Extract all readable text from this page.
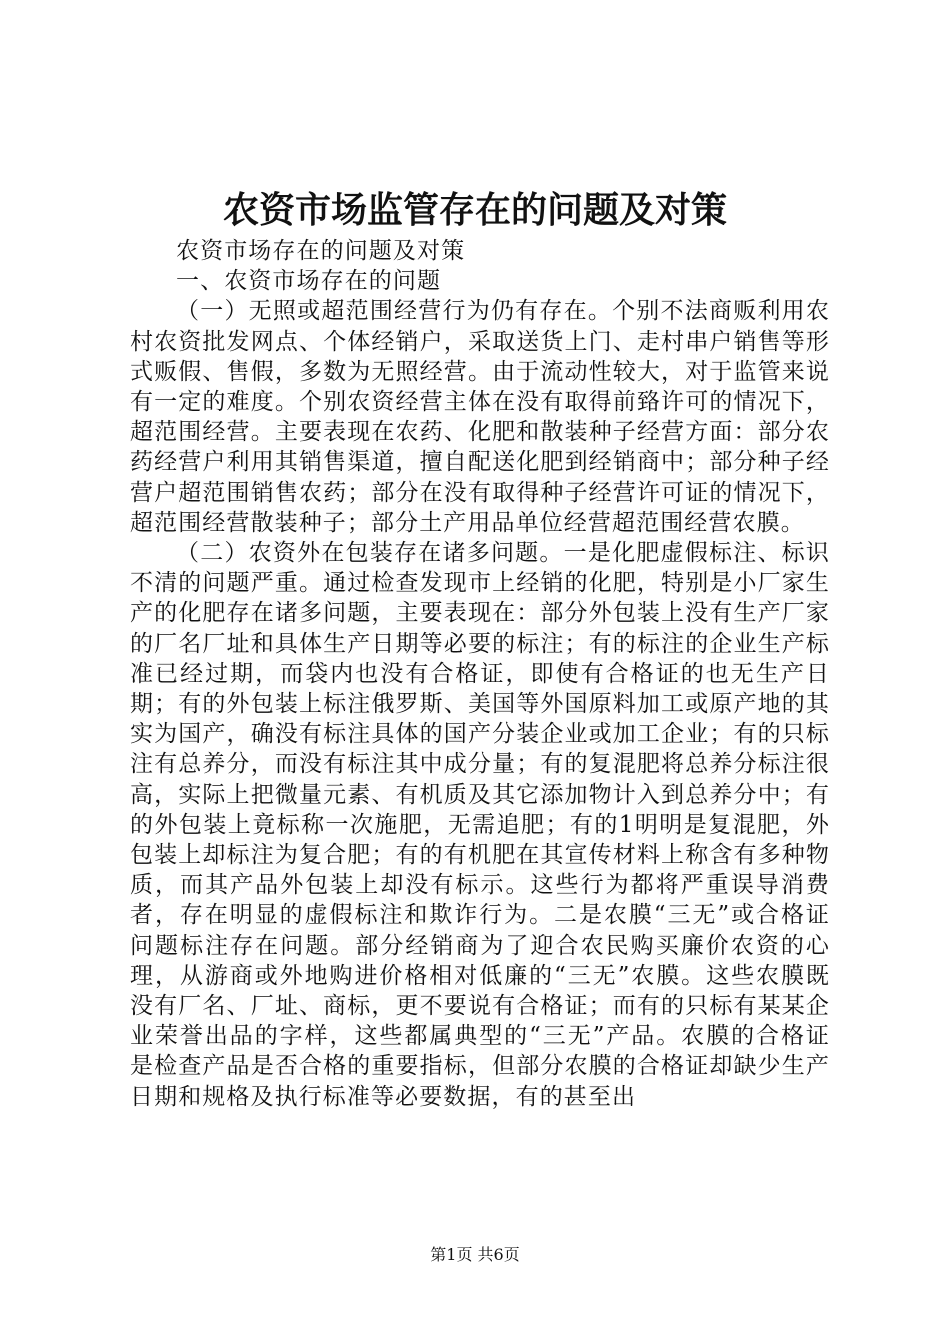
农资市场监管存在的问题及对策

农资市场存在的问题及对策

一、农资市场存在的问题

（一）无照或超范围经营行为仍有存在。个别不法商贩利用农村农资批发网点、个体经销户，采取送货上门、走村串户销售等形式贩假、售假，多数为无照经营。由于流动性较大，对于监管来说有一定的难度。个别农资经营主体在没有取得前臵许可的情况下，超范围经营。主要表现在农药、化肥和散装种子经营方面：部分农药经营户利用其销售渠道，擅自配送化肥到经销商中；部分种子经营户超范围销售农药；部分在没有取得种子经营许可证的情况下，超范围经营散装种子；部分土产用品单位经营超范围经营农膜。

（二）农资外在包装存在诸多问题。一是化肥虚假标注、标识不清的问题严重。通过检查发现市上经销的化肥，特别是小厂家生产的化肥存在诸多问题，主要表现在：部分外包装上没有生产厂家的厂名厂址和具体生产日期等必要的标注；有的标注的企业生产标准已经过期，而袋内也没有合格证，即使有合格证的也无生产日期；有的外包装上标注俄罗斯、美国等外国原料加工或原产地的其实为国产，确没有标注具体的国产分装企业或加工企业；有的只标注有总养分，而没有标注其中成分量；有的复混肥将总养分标注很高，实际上把微量元素、有机质及其它添加物计入到总养分中；有的外包装上竟标称一次施肥，无需追肥；有的1明明是复混肥，外包装上却标注为复合肥；有的有机肥在其宣传材料上称含有多种物质，而其产品外包装上却没有标示。这些行为都将严重误导消费者，存在明显的虚假标注和欺诈行为。二是农膜“三无”或合格证问题标注存在问题。部分经销商为了迎合农民购买廉价农资的心理，从游商或外地购进价格相对低廉的“三无”农膜。这些农膜既没有厂名、厂址、商标，更不要说有合格证；而有的只标有某某企业荣誉出品的字样，这些都属典型的“三无”产品。农膜的合格证是检查产品是否合格的重要指标，但部分农膜的合格证却缺少生产日期和规格及执行标准等必要数据，有的甚至出

第1页 共6页
